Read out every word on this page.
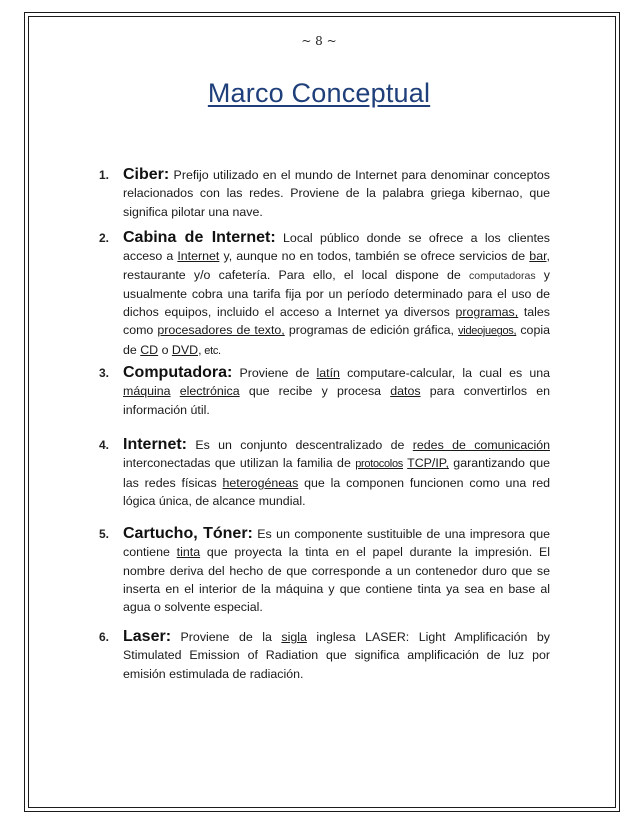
~ 8 ~
Marco Conceptual
1. Ciber: Prefijo utilizado en el mundo de Internet para denominar conceptos relacionados con las redes. Proviene de la palabra griega kibernao, que significa pilotar una nave.
2. Cabina de Internet: Local público donde se ofrece a los clientes acceso a Internet y, aunque no en todos, también se ofrece servicios de bar, restaurante y/o cafetería. Para ello, el local dispone de computadoras y usualmente cobra una tarifa fija por un período determinado para el uso de dichos equipos, incluido el acceso a Internet ya diversos programas, tales como procesadores de texto, programas de edición gráfica, videojuegos, copia de CD o DVD, etc.
3. Computadora: Proviene de latín computare-calcular, la cual es una máquina electrónica que recibe y procesa datos para convertirlos en información útil.
4. Internet: Es un conjunto descentralizado de redes de comunicación interconectadas que utilizan la familia de protocolos TCP/IP, garantizando que las redes físicas heterogéneas que la componen funcionen como una red lógica única, de alcance mundial.
5. Cartucho, Tóner: Es un componente sustituible de una impresora que contiene tinta que proyecta la tinta en el papel durante la impresión. El nombre deriva del hecho de que corresponde a un contenedor duro que se inserta en el interior de la máquina y que contiene tinta ya sea en base al agua o solvente especial.
6. Laser: Proviene de la sigla inglesa LASER: Light Amplificación by Stimulated Emission of Radiation que significa amplificación de luz por emisión estimulada de radiación.
